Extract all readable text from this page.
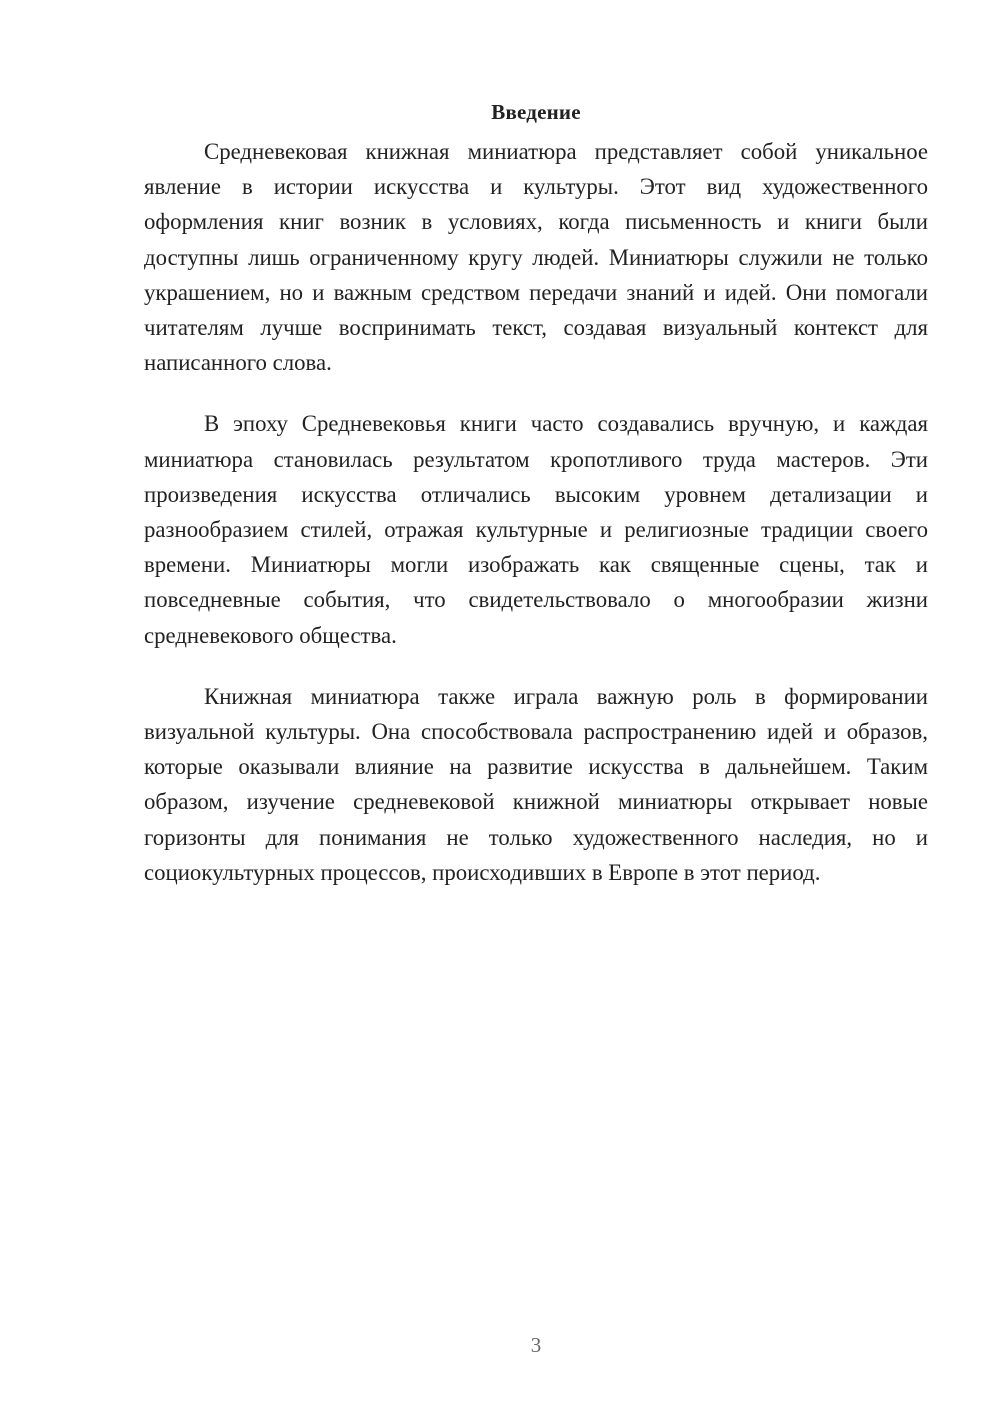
Введение

Средневековая книжная миниатюра представляет собой уникальное явление в истории искусства и культуры. Этот вид художественного оформления книг возник в условиях, когда письменность и книги были доступны лишь ограниченному кругу людей. Миниатюры служили не только украшением, но и важным средством передачи знаний и идей. Они помогали читателям лучше воспринимать текст, создавая визуальный контекст для написанного слова.

В эпоху Средневековья книги часто создавались вручную, и каждая миниатюра становилась результатом кропотливого труда мастеров. Эти произведения искусства отличались высоким уровнем детализации и разнообразием стилей, отражая культурные и религиозные традиции своего времени. Миниатюры могли изображать как священные сцены, так и повседневные события, что свидетельствовало о многообразии жизни средневекового общества.

Книжная миниатюра также играла важную роль в формировании визуальной культуры. Она способствовала распространению идей и образов, которые оказывали влияние на развитие искусства в дальнейшем. Таким образом, изучение средневековой книжной миниатюры открывает новые горизонты для понимания не только художественного наследия, но и социокультурных процессов, происходивших в Европе в этот период.

3
